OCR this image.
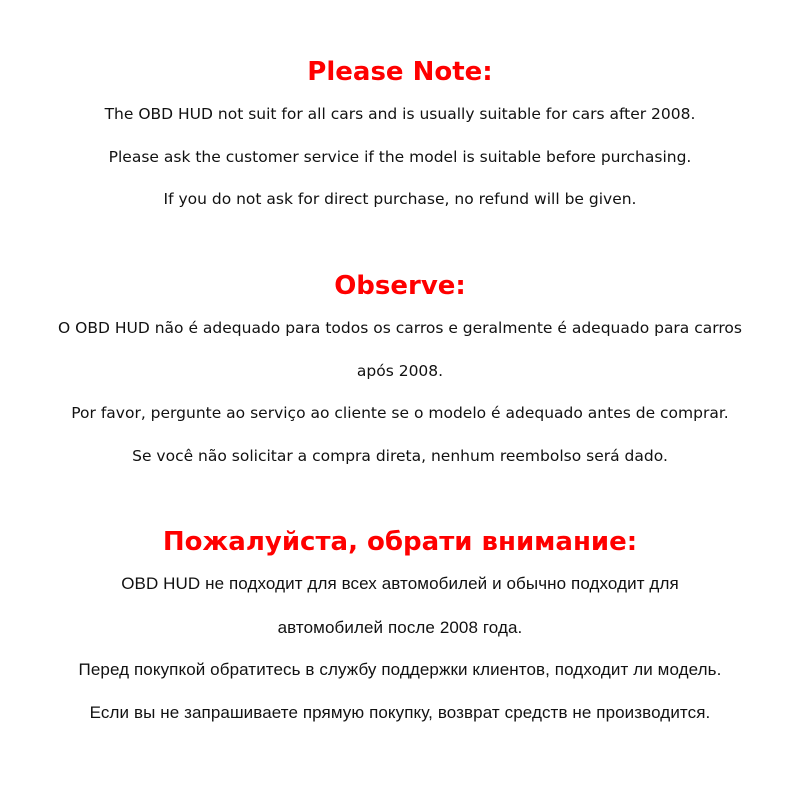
Please Note:
The OBD HUD not suit for all cars and is usually suitable for cars after 2008.
Please ask the customer service if the model is suitable before purchasing.
If you do not ask for direct purchase, no refund will be given.
Observe:
O OBD HUD não é adequado para todos os carros e geralmente é adequado para carros
após 2008.
Por favor, pergunte ao serviço ao cliente se o modelo é adequado antes de comprar.
Se você não solicitar a compra direta, nenhum reembolso será dado.
Пожалуйста, обрати внимание:
OBD HUD не подходит для всех автомобилей и обычно подходит для
автомобилей после 2008 года.
Перед покупкой обратитесь в службу поддержки клиентов, подходит ли модель.
Если вы не запрашиваете прямую покупку, возврат средств не производится.
